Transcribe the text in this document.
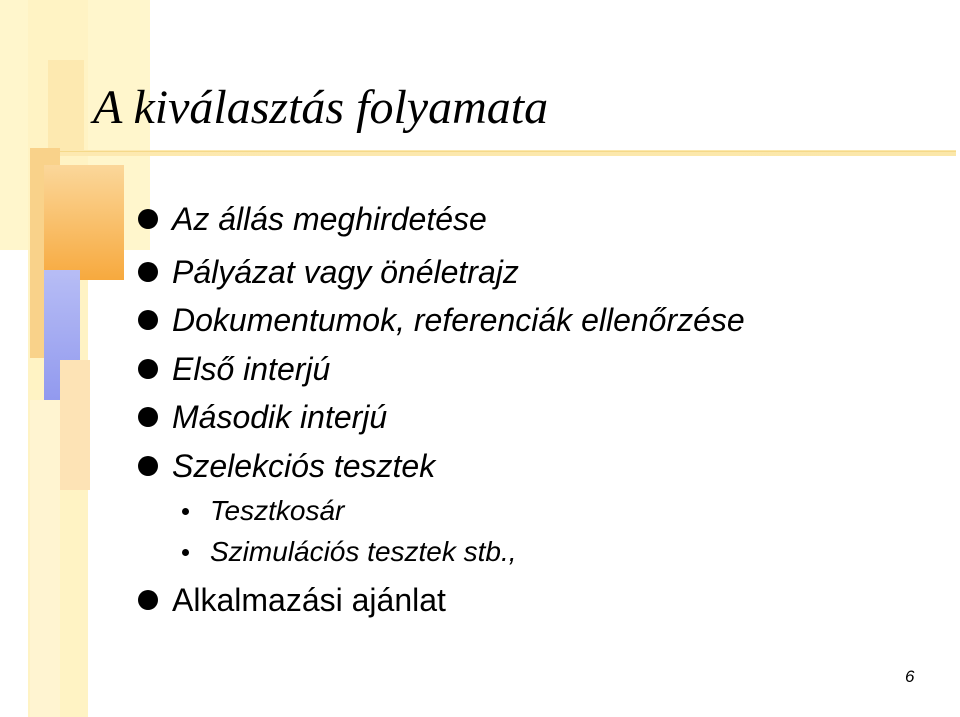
A kiválasztás folyamata
Az állás meghirdetése
Pályázat vagy önéletrajz
Dokumentumok, referenciák ellenőrzése
Első interjú
Második interjú
Szelekciós tesztek
Tesztkosár
Szimulációs tesztek stb.,
Alkalmazási ajánlat
6
